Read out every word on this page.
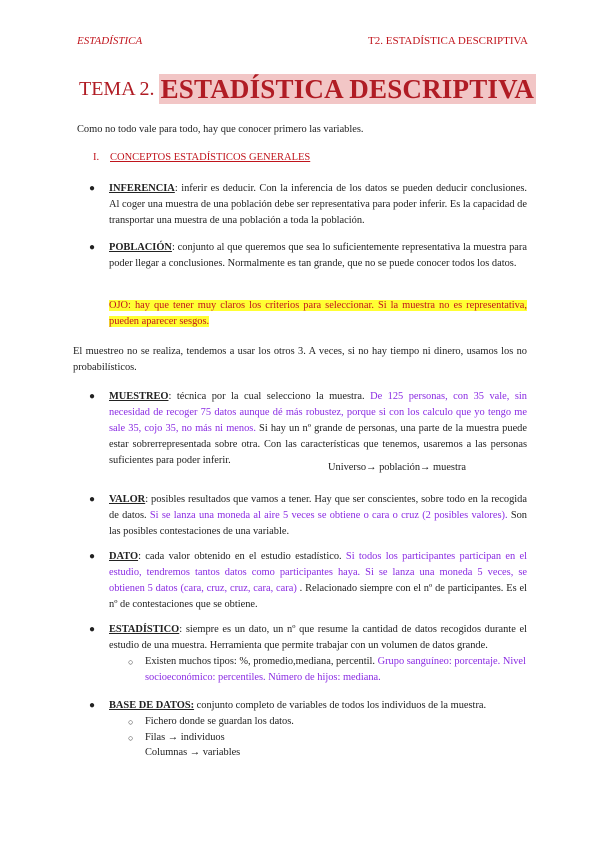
ESTADÍSTICA	T2. ESTADÍSTICA DESCRIPTIVA
TEMA 2. ESTADÍSTICA DESCRIPTIVA
Como no todo vale para todo, hay que conocer primero las variables.
I. CONCEPTOS ESTADÍSTICOS GENERALES
● INFERENCIA: inferir es deducir. Con la inferencia de los datos se pueden deducir conclusiones. Al coger una muestra de una población debe ser representativa para poder inferir. Es la capacidad de transportar una muestra de una población a toda la población.
● POBLACIÓN: conjunto al que queremos que sea lo suficientemente representativa la muestra para poder llegar a conclusiones. Normalmente es tan grande, que no se puede conocer todos los datos.
OJO: hay que tener muy claros los criterios para seleccionar. Si la muestra no es representativa, pueden aparecer sesgos.
El muestreo no se realiza, tendemos a usar los otros 3. A veces, si no hay tiempo ni dinero, usamos los no probabilísticos.
● MUESTREO: técnica por la cual selecciono la muestra. De 125 personas, con 35 vale, sin necesidad de recoger 75 datos aunque dé más robustez, porque si con los calculo que yo tengo me sale 35, cojo 35, no más ni menos. Si hay un nº grande de personas, una parte de la muestra puede estar sobrerrepresentada sobre otra. Con las características que tenemos, usaremos a las personas suficientes para poder inferir.
Universo→ población→ muestra
● VALOR: posibles resultados que vamos a tener. Hay que ser conscientes, sobre todo en la recogida de datos. Si se lanza una moneda al aire 5 veces se obtiene o cara o cruz (2 posibles valores). Son las posibles contestaciones de una variable.
● DATO: cada valor obtenido en el estudio estadístico. Si todos los participantes participan en el estudio, tendremos tantos datos como participantes haya. Si se lanza una moneda 5 veces, se obtienen 5 datos (cara, cruz, cruz, cara, cara) . Relacionado siempre con el nº de participantes. Es el nº de contestaciones que se obtiene.
● ESTADÍSTICO: siempre es un dato, un nº que resume la cantidad de datos recogidos durante el estudio de una muestra. Herramienta que permite trabajar con un volumen de datos grande.
○ Existen muchos tipos: %, promedio,mediana, percentil. Grupo sanguíneo: porcentaje. Nivel socioeconómico: percentiles. Número de hijos: mediana.
● BASE DE DATOS: conjunto completo de variables de todos los individuos de la muestra.
○ Fichero donde se guardan los datos.
○ Filas → individuos
Columnas → variables
